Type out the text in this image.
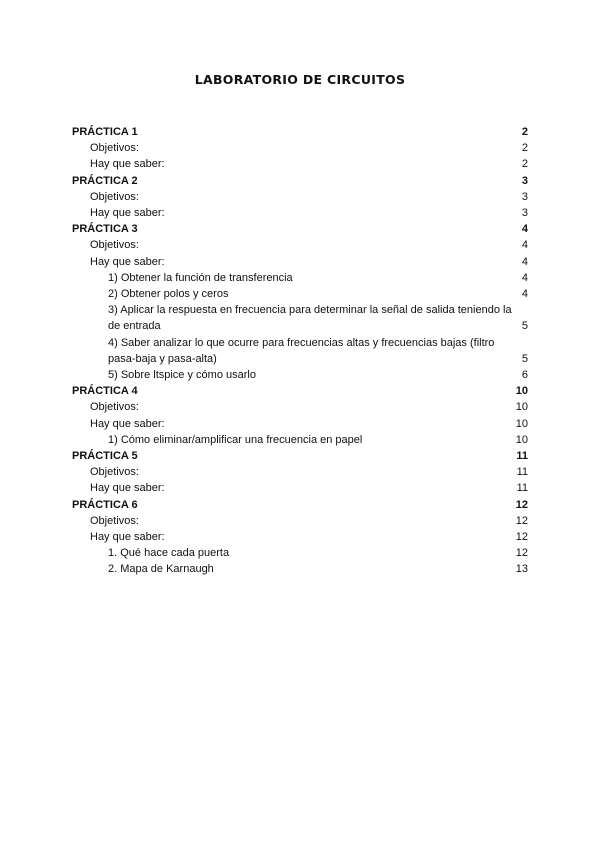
LABORATORIO DE CIRCUITOS
PRÁCTICA 1	2
Objetivos:	2
Hay que saber:	2
PRÁCTICA 2	3
Objetivos:	3
Hay que saber:	3
PRÁCTICA 3	4
Objetivos:	4
Hay que saber:	4
1) Obtener la función de transferencia	4
2) Obtener polos y ceros	4
3) Aplicar la respuesta en frecuencia para determinar la señal de salida teniendo la de entrada	5
4) Saber analizar lo que ocurre para frecuencias altas y frecuencias bajas (filtro pasa-baja y pasa-alta)	5
5) Sobre ltspice y cómo usarlo	6
PRÁCTICA 4	10
Objetivos:	10
Hay que saber:	10
1) Cómo eliminar/amplificar una frecuencia en papel	10
PRÁCTICA 5	11
Objetivos:	11
Hay que saber:	11
PRÁCTICA 6	12
Objetivos:	12
Hay que saber:	12
1. Qué hace cada puerta	12
2. Mapa de Karnaugh	13
